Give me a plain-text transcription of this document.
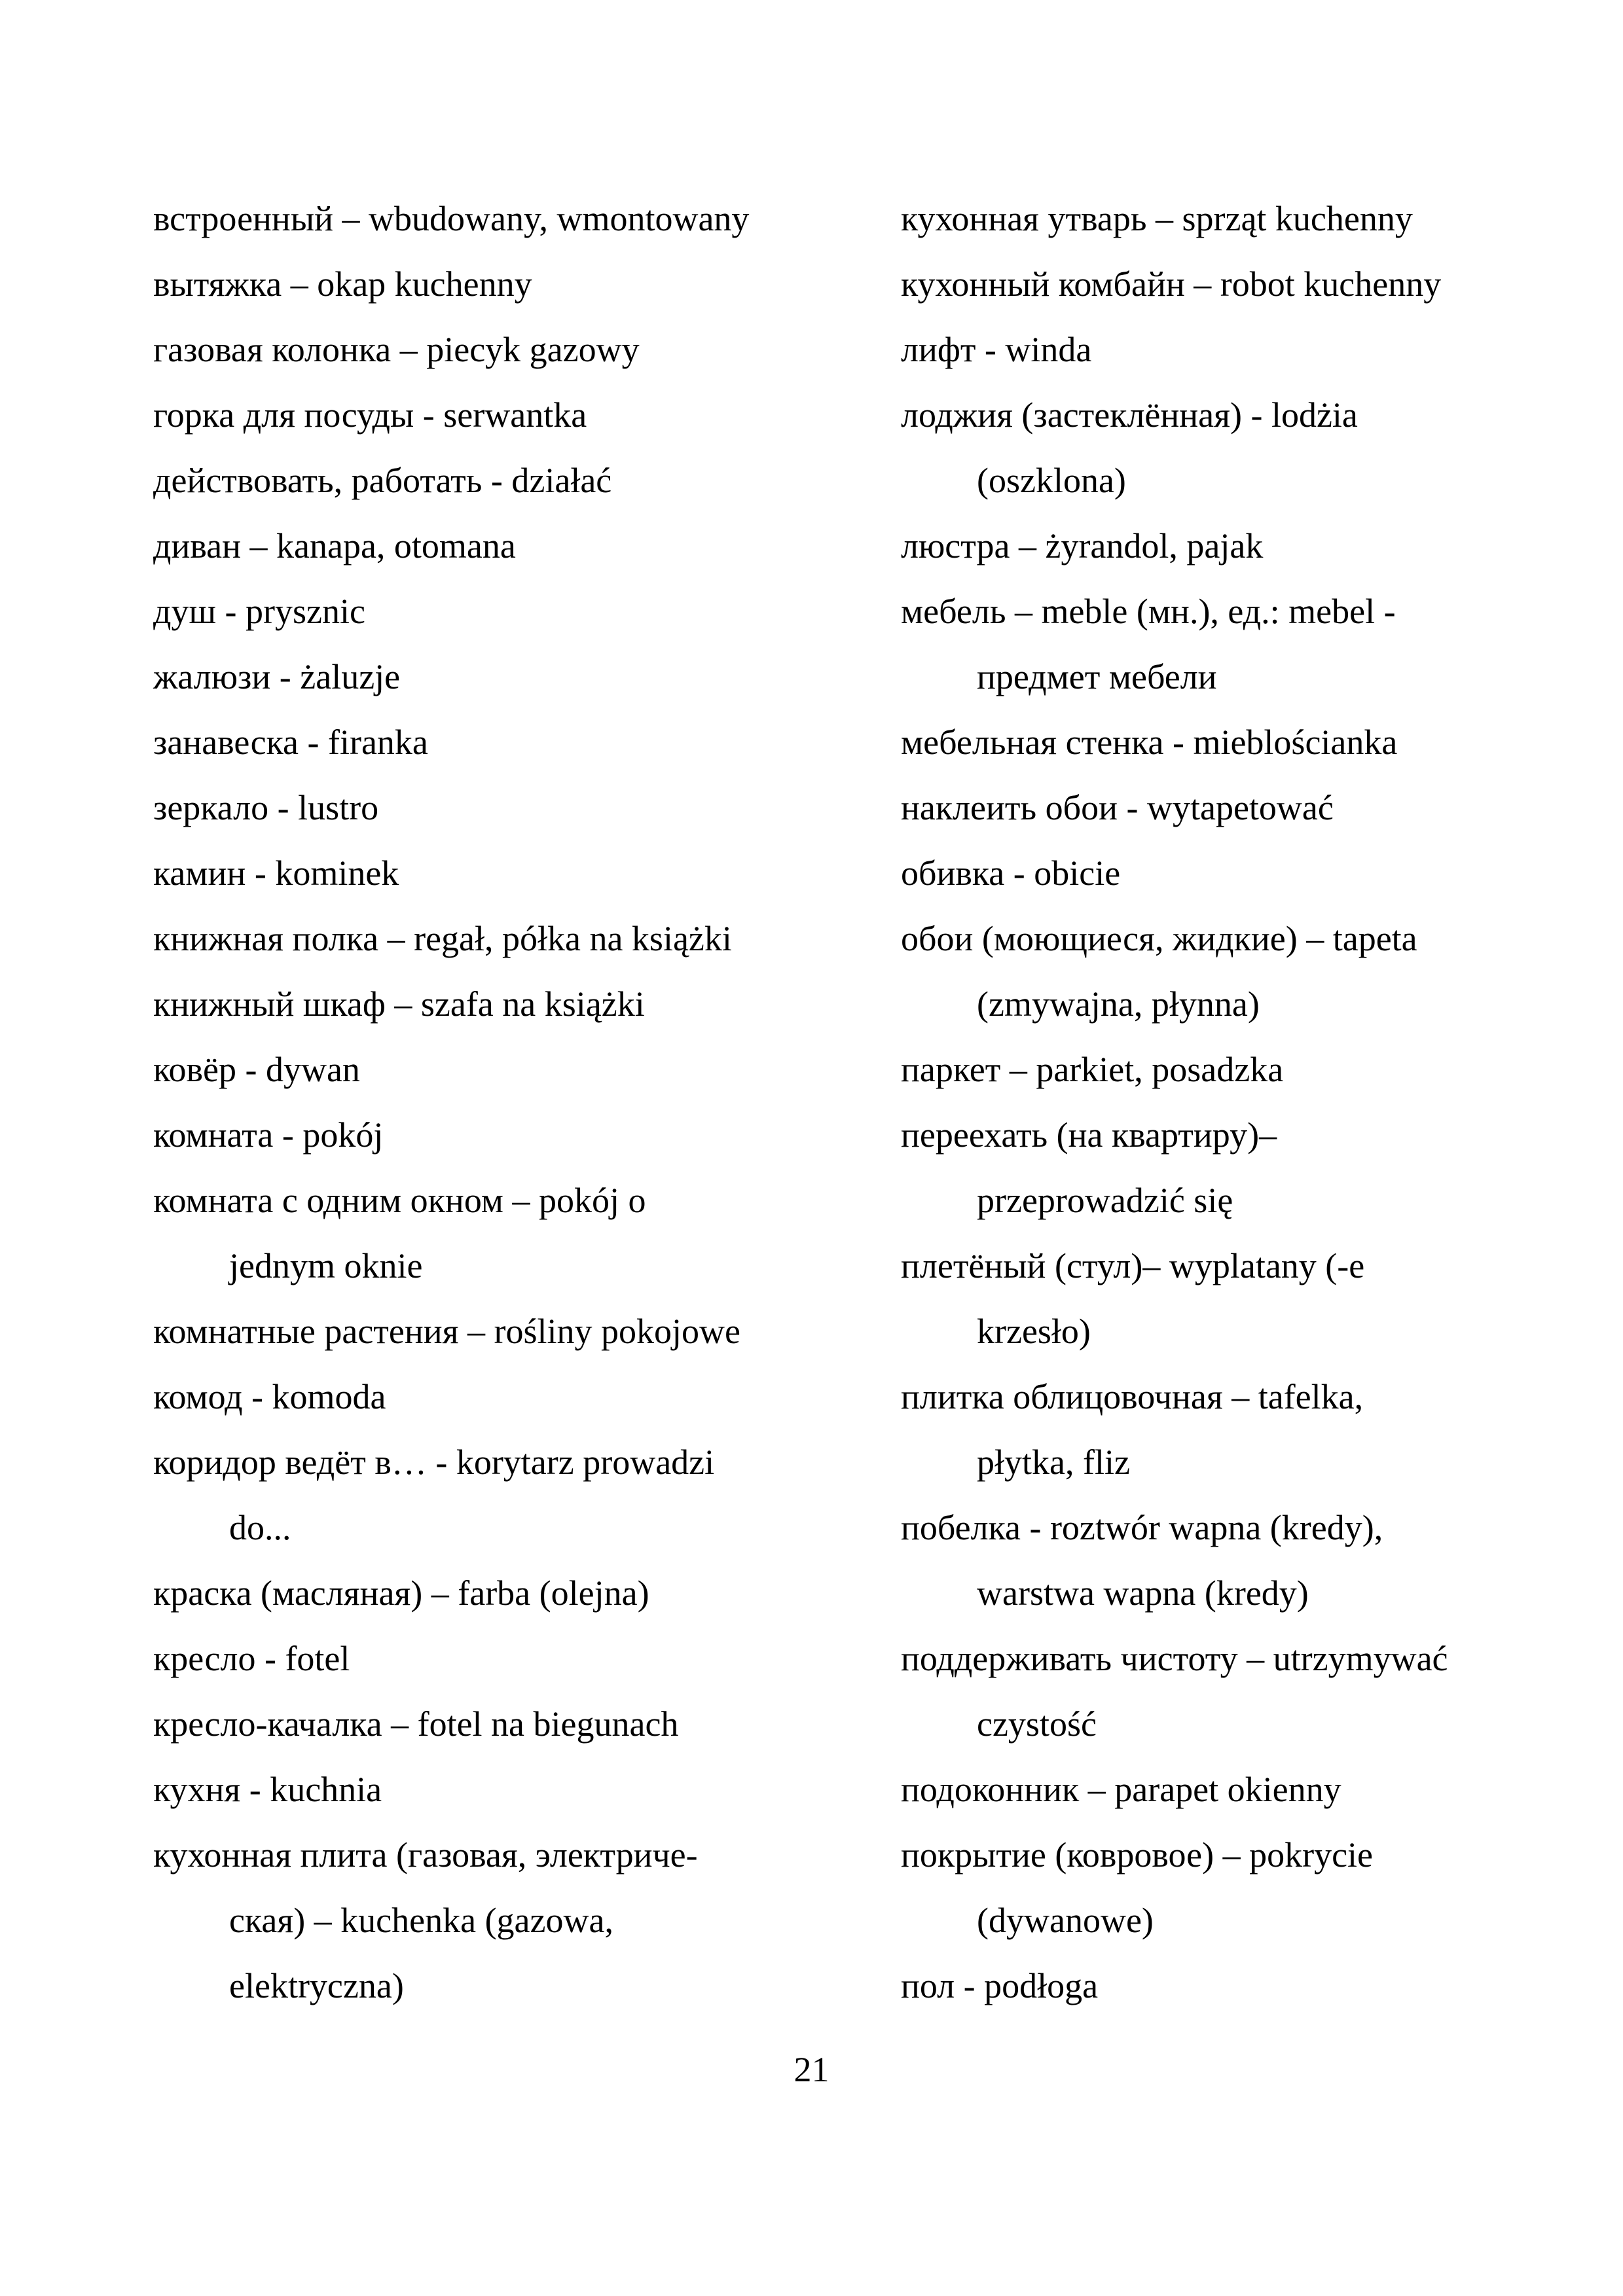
встроенный – wbudowany, wmontowany
вытяжка – okap kuchenny
газовая колонка – piecyk gazowy
горка для посуды - serwantka
действовать, работать - działać
диван – kanapa, otomana
душ - prysznic
жалюзи - żaluzje
занавеска - firanka
зеркало - lustro
камин - kominek
книжная полка – regał, półka na książki
книжный шкаф – szafa na książki
ковёр - dywan
комната - pokój
комната с одним окном – pokój o
jednym oknie
комнатные растения – rośliny pokojowe
комод - komoda
коридор ведёт в… - korytarz prowadzi
do...
краска (масляная) – farba (olejna)
кресло - fotel
кресло-качалка – fotel na biegunach
кухня - kuchnia
кухонная плита (газовая, электриче-
ская) – kuchenka (gazowa,
elektryczna)
кухонная утварь – sprząt kuchenny
кухонный комбайн – robot kuchenny
лифт - winda
лоджия (застеклённая) - lodżia
(oszklona)
люстра – żyrandol, pajak
мебель – meble (мн.), ед.: mebel -
предмет мебели
мебельная стенка - mieblościanka
наклеить обои - wytapetować
обивка - obicie
обои (моющиеся, жидкие) – tapeta
(zmywajna, płynna)
паркет – parkiet, posadzka
переехать (на квартиру)–
przeprowadzić się
плетёный (стул)– wyplatany (-e
krzesło)
плитка облицовочная – tafelka,
płytka, fliz
побелка - roztwór wapna (kredy),
warstwa wapna (kredy)
поддерживать чистоту – utrzymywać
czystość
подоконник – parapet okienny
покрытие (ковровое) – pokrycie
(dywanowe)
пол - podłoga
21
